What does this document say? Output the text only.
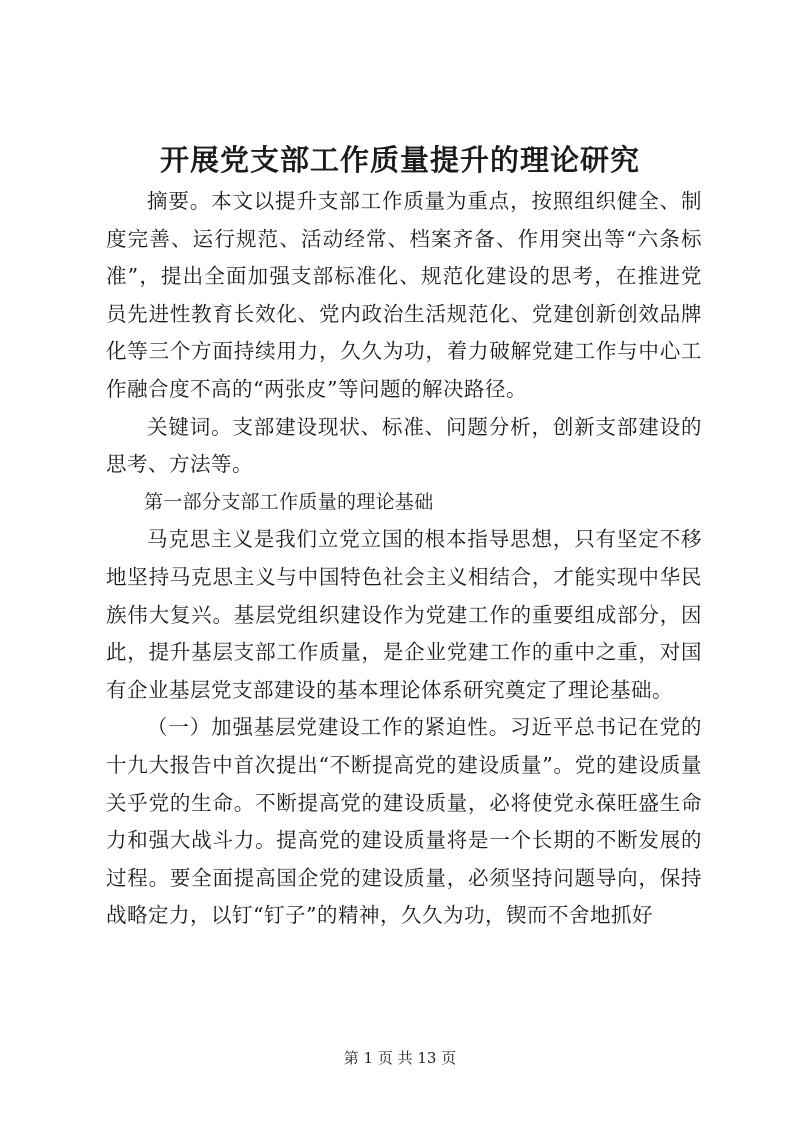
开展党支部工作质量提升的理论研究

摘要。本文以提升支部工作质量为重点，按照组织健全、制度完善、运行规范、活动经常、档案齐备、作用突出等“六条标准”，提出全面加强支部标准化、规范化建设的思考，在推进党员先进性教育长效化、党内政治生活规范化、党建创新创效品牌化等三个方面持续用力，久久为功，着力破解党建工作与中心工作融合度不高的“两张皮”等问题的解决路径。

关键词。支部建设现状、标准、问题分析，创新支部建设的思考、方法等。

第一部分支部工作质量的理论基础

马克思主义是我们立党立国的根本指导思想，只有坚定不移地坚持马克思主义与中国特色社会主义相结合，才能实现中华民族伟大复兴。基层党组织建设作为党建工作的重要组成部分，因此，提升基层支部工作质量，是企业党建工作的重中之重，对国有企业基层党支部建设的基本理论体系研究奠定了理论基础。

（一）加强基层党建设工作的紧迫性。习近平总书记在党的十九大报告中首次提出“不断提高党的建设质量”。党的建设质量关乎党的生命。不断提高党的建设质量，必将使党永葆旺盛生命力和强大战斗力。提高党的建设质量将是一个长期的不断发展的过程。要全面提高国企党的建设质量，必须坚持问题导向，保持战略定力，以钉“钉子”的精神，久久为功，锲而不舍地抓好

第 1 页 共 13 页
